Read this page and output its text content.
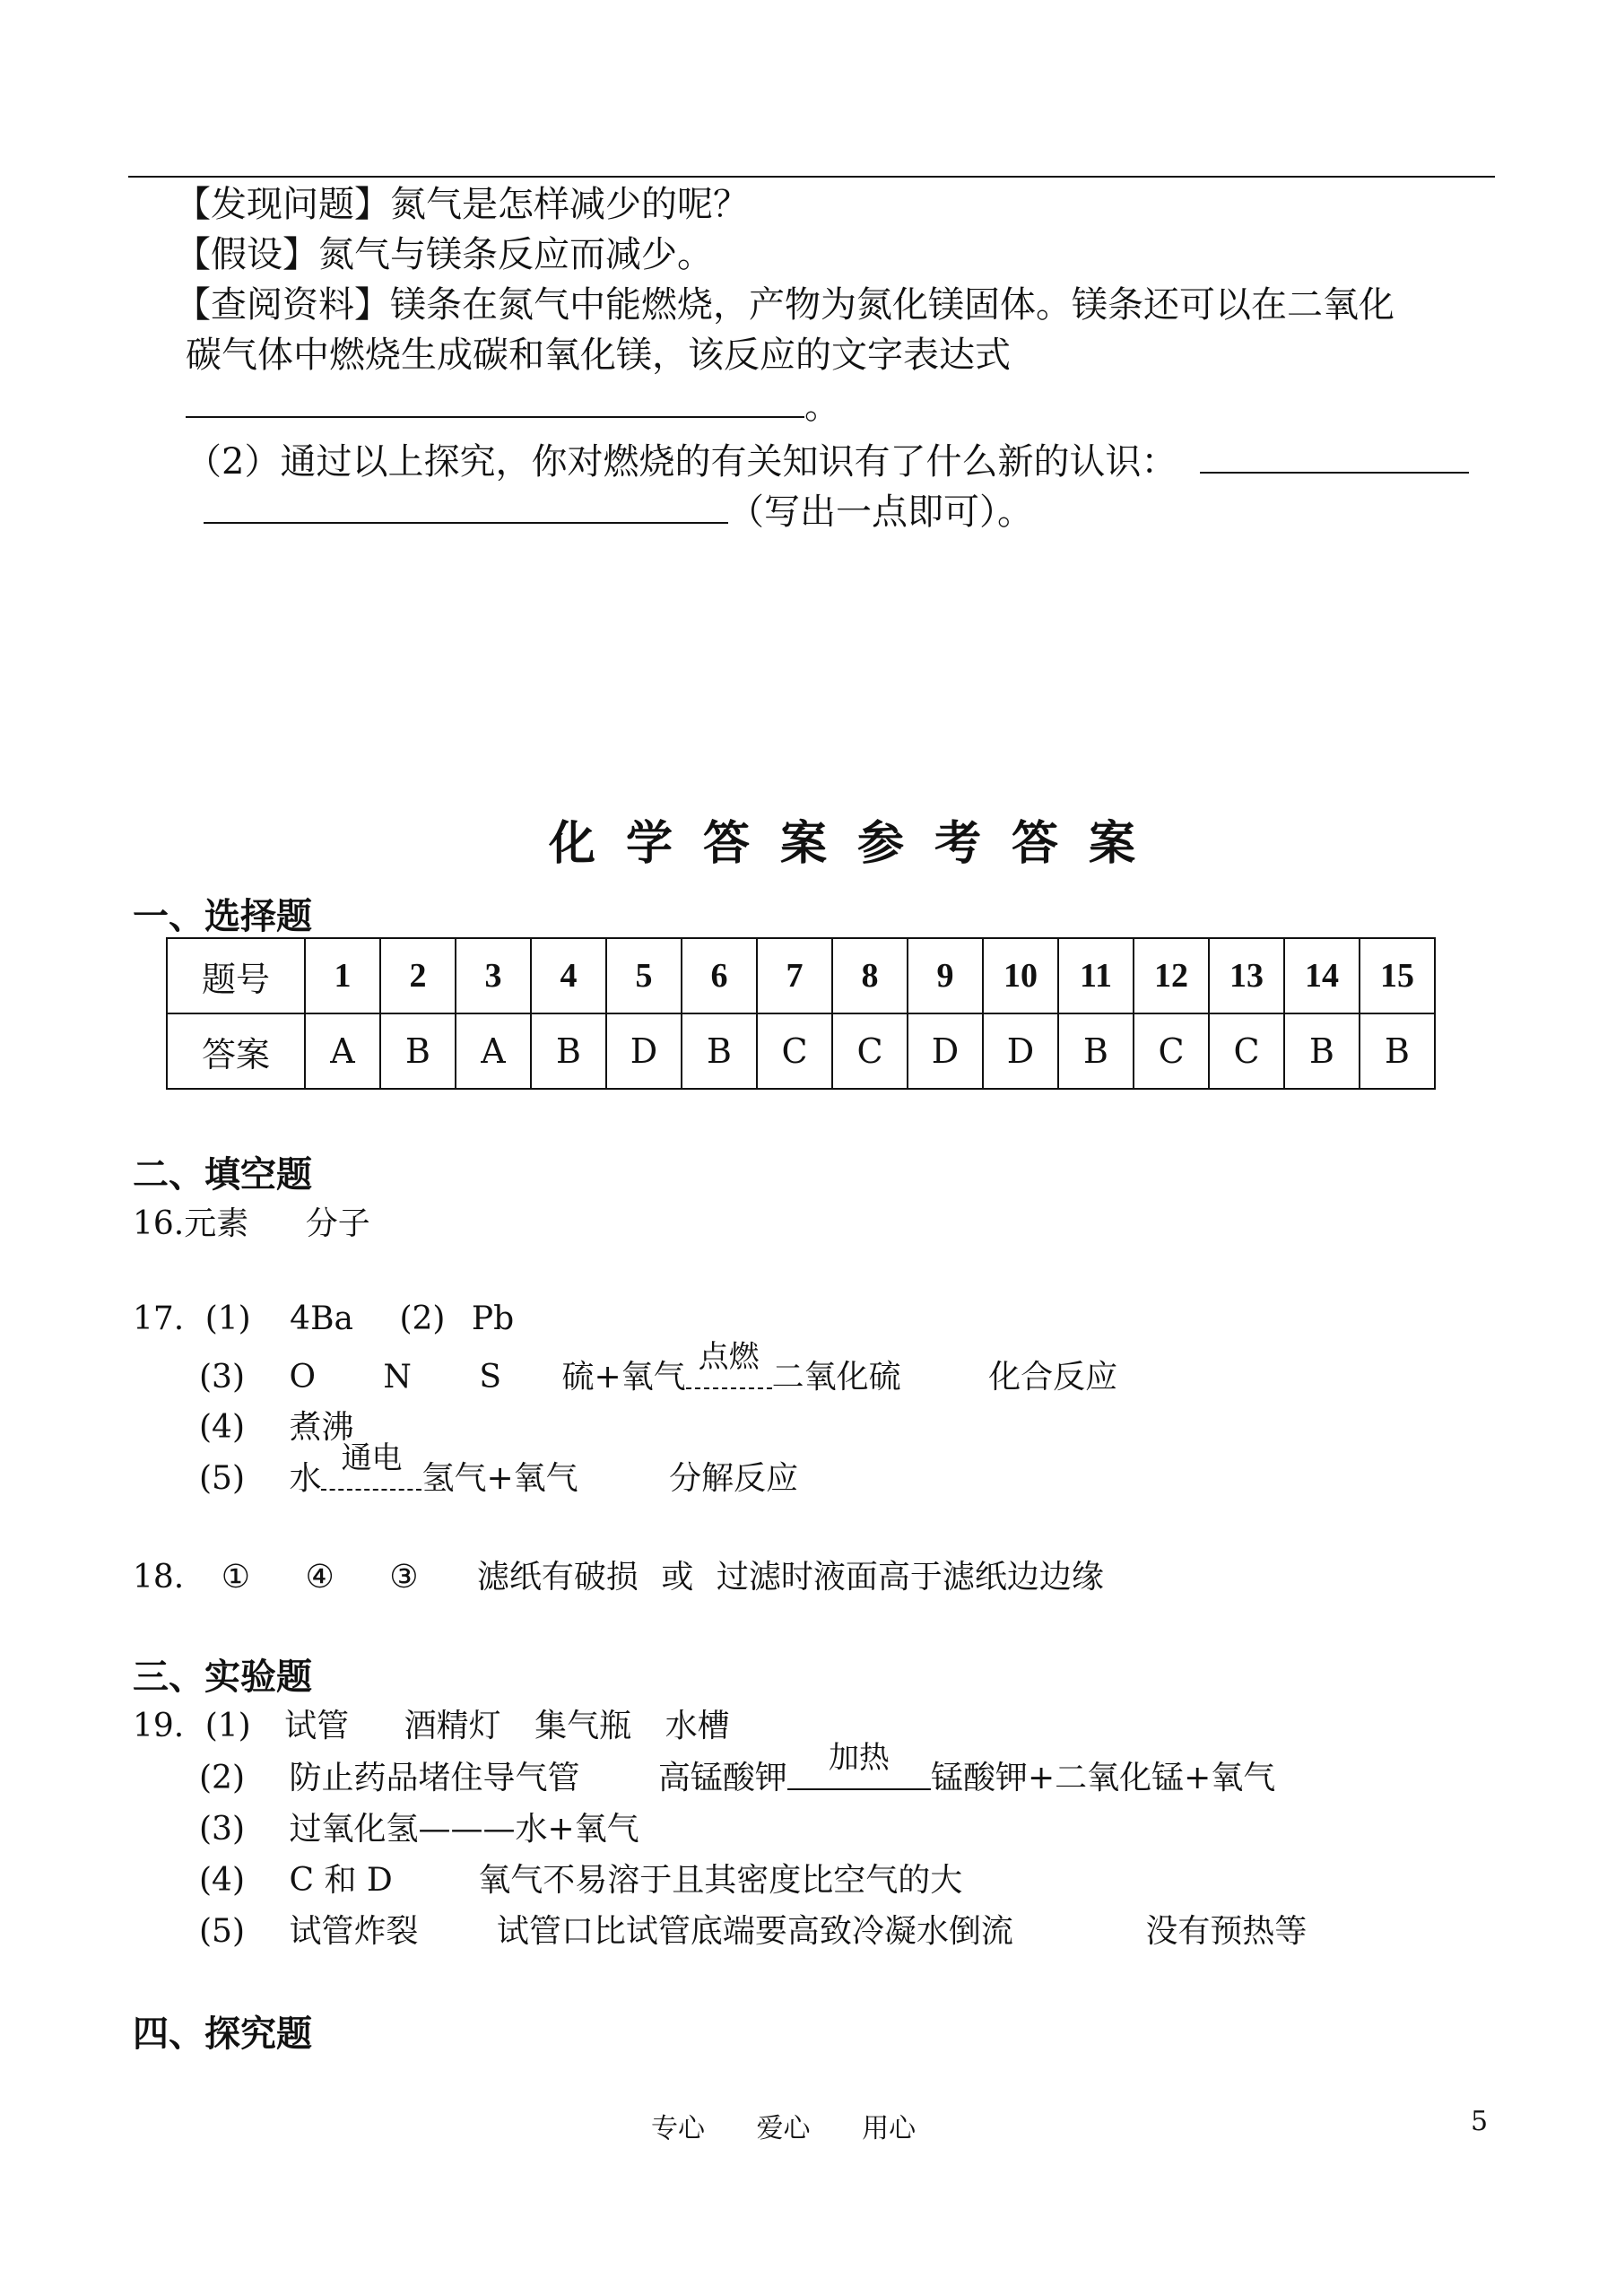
【发现问题】氮气是怎样减少的呢？
【假设】氮气与镁条反应而减少。
【查阅资料】镁条在氮气中能燃烧，产物为氮化镁固体。镁条还可以在二氧化
碳气体中燃烧生成碳和氧化镁，该反应的文字表达式
。
（2）通过以上探究，你对燃烧的有关知识有了什么新的认识：
（写出一点即可）。
化学答案参考答案
一、选择题
题号	1	2	3	4	5	6	7	8	9	10	11	12	13	14	15
答案	A	B	A	B	D	B	C	C	D	D	B	C	C	B	B
二、填空题
16.元素 分子
17. (1) 4Ba (2) Pb
(3) O N S 硫+氧气
点燃
二氧化硫	化合反应
(4) 煮沸
(5) 水
通电
氢气+氧气	分解反应
18. ① ④ ③ 滤纸有破损 或 过滤时液面高于滤纸边边缘
三、实验题
19. (1) 试管 酒精灯 集气瓶 水槽
(2) 防止药品堵住导气管 高锰酸钾
加热
锰酸钾+二氧化锰+氧气
(3) 过氧化氢———水+氧气
(4) C 和 D	氧气不易溶于且其密度比空气的大
(5) 试管炸裂 试管口比试管底端要高致冷凝水倒流	没有预热等
四、探究题
专心 爱心 用心	5
